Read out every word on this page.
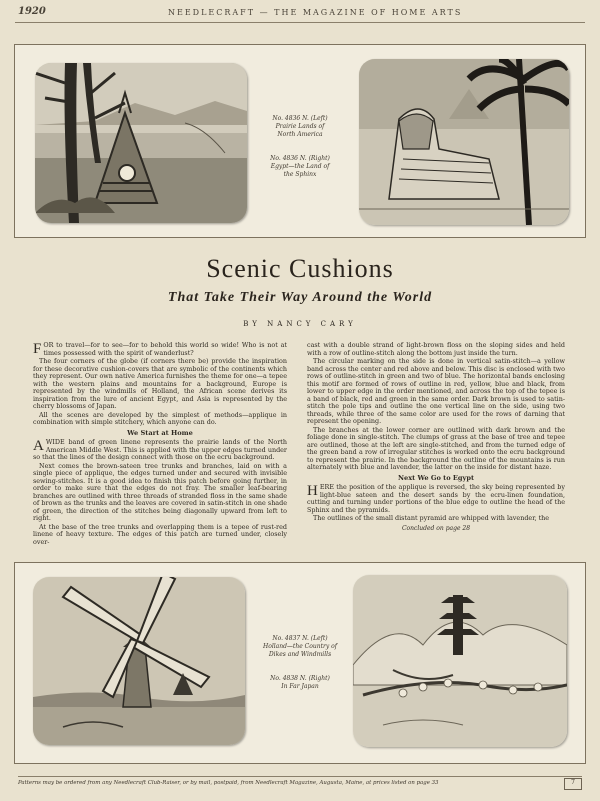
1920	NEEDLECRAFT — THE MAGAZINE OF HOME ARTS
No. 4836 N. (Left)
Prairie Lands of
North America
No. 4836 N. (Right)
Egypt—the Land of
the Sphinx
Scenic Cushions
That Take Their Way Around the World
BY NANCY CARY

FOR to travel—for to see—for to behold this world so wide! Who is not at times possessed with the spirit of wanderlust?

The four corners of the globe (if corners there be) provide the inspiration for these decorative cushion-covers that are symbolic of the continents which they represent. Our own native America furnishes the theme for one—a tepee with the western plains and mountains for a background, Europe is represented by the windmills of Holland, the African scene derives its inspiration from the lure of ancient Egypt, and Asia is represented by the cherry blossoms of Japan.

All the scenes are developed by the simplest of methods—applique in combination with simple stitchery, which anyone can do.

We Start at Home

AWIDE band of green linene represents the prairie lands of the North American Middle West. This is applied with the upper edges turned under so that the lines of the design connect with those on the ecru background.

Next comes the brown-sateen tree trunks and branches, laid on with a single piece of applique, the edges turned under and secured with invisible sewing-stitches. It is a good idea to finish this patch before going further, in order to make sure that the edges do not fray. The smaller leaf-bearing branches are outlined with three threads of stranded floss in the same shade of brown as the trunks and the leaves are covered in satin-stitch in one shade of green, the direction of the stitches being diagonally upward from left to right.

At the base of the tree trunks and overlapping them is a tepee of rust-red linene of heavy texture. The edges of this patch are turned under, closely over-

cast with a double strand of light-brown floss on the sloping sides and held with a row of outline-stitch along the bottom just inside the turn.

The circular marking on the side is done in vertical satin-stitch—a yellow band across the center and red above and below. This disc is enclosed with two rows of outline-stitch in green and two of blue. The horizontal bands enclosing this motif are formed of rows of outline in red, yellow, blue and black, from lower to upper edge in the order mentioned, and across the top of the tepee is a band of black, red and green in the same order. Dark brown is used to satin-stitch the pole tips and outline the one vertical line on the side, using two threads, while three of the same color are used for the rows of darning that represent the opening.

The branches at the lower corner are outlined with dark brown and the foliage done in single-stitch. The clumps of grass at the base of tree and tepee are outlined, those at the left are single-stitched, and from the turned edge of the green band a row of irregular stitches is worked onto the ecru background to represent the prairie. In the background the outline of the mountains is run alternately with blue and lavender, the latter on the inside for distant haze.

Next We Go to Egypt

HERE the position of the applique is reversed, the sky being represented by light-blue sateen and the desert sands by the ecru-linen foundation, cutting and turning under portions of the blue edge to outline the head of the Sphinx and the pyramids.

The outlines of the small distant pyramid are whipped with lavender, the

Concluded on page 28
No. 4837 N. (Left)
Holland—the Country of
Dikes and Windmills
No. 4838 N. (Right)
In Far Japan
Patterns may be ordered from any Needlecraft Club-Raiser, or by mail, postpaid, from Needlecraft Magazine, Augusta, Maine, at prices listed on page 33	7
